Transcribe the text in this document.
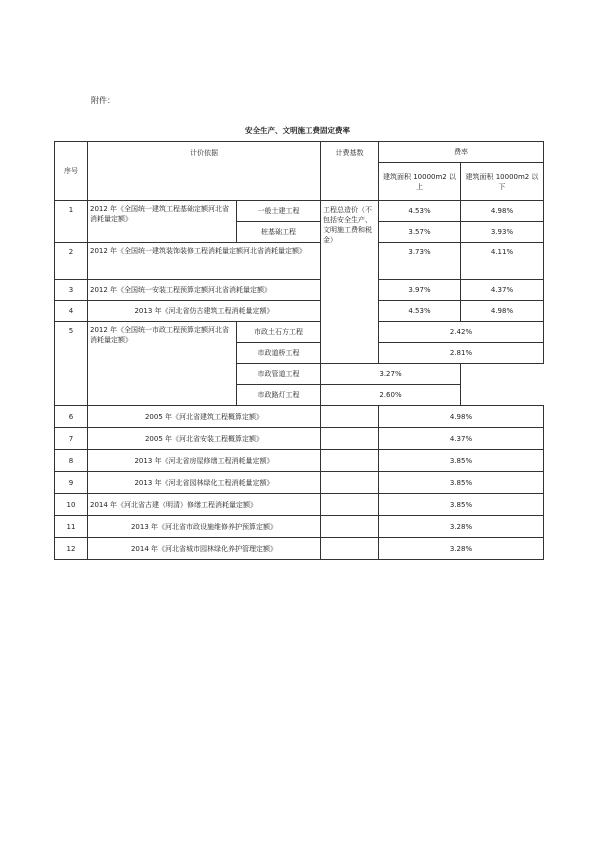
附件：
安全生产、文明施工费固定费率
序号	计价依据		计费基数	费率	
				建筑面积 10000m2 以上	建筑面积 10000m2 以下
1	2012 年《全国统一建筑工程基础定额河北省消耗量定额》	一般土建工程	工程总造价（不包括安全生产、文明施工费和税金）	4.53%	4.98%
		桩基础工程		3.57%	3.93%
2	2012 年《全国统一建筑装饰装修工程消耗量定额河北省消耗量定额》			3.73%	4.11%
3	2012 年《全国统一安装工程预算定额河北省消耗量定额》			3.97%	4.37%
4	2013 年《河北省仿古建筑工程消耗量定额》			4.53%	4.98%
5	2012 年《全国统一市政工程预算定额河北省消耗量定额》	市政土石方工程		2.42%	
		市政道桥工程		2.81%	
		市政管道工程	3.27%		
		市政路灯工程	2.60%		
6	2005 年《河北省建筑工程概算定额》			4.98%	
7	2005 年《河北省安装工程概算定额》			4.37%	
8	2013 年《河北省房屋修缮工程消耗量定额》			3.85%	
9	2013 年《河北省园林绿化工程消耗量定额》			3.85%	
10	2014 年《河北省古建（明清）修缮工程消耗量定额》			3.85%	
11	2013 年《河北省市政设施维修养护预算定额》			3.28%	
12	2014 年《河北省城市园林绿化养护管理定额》			3.28%	
